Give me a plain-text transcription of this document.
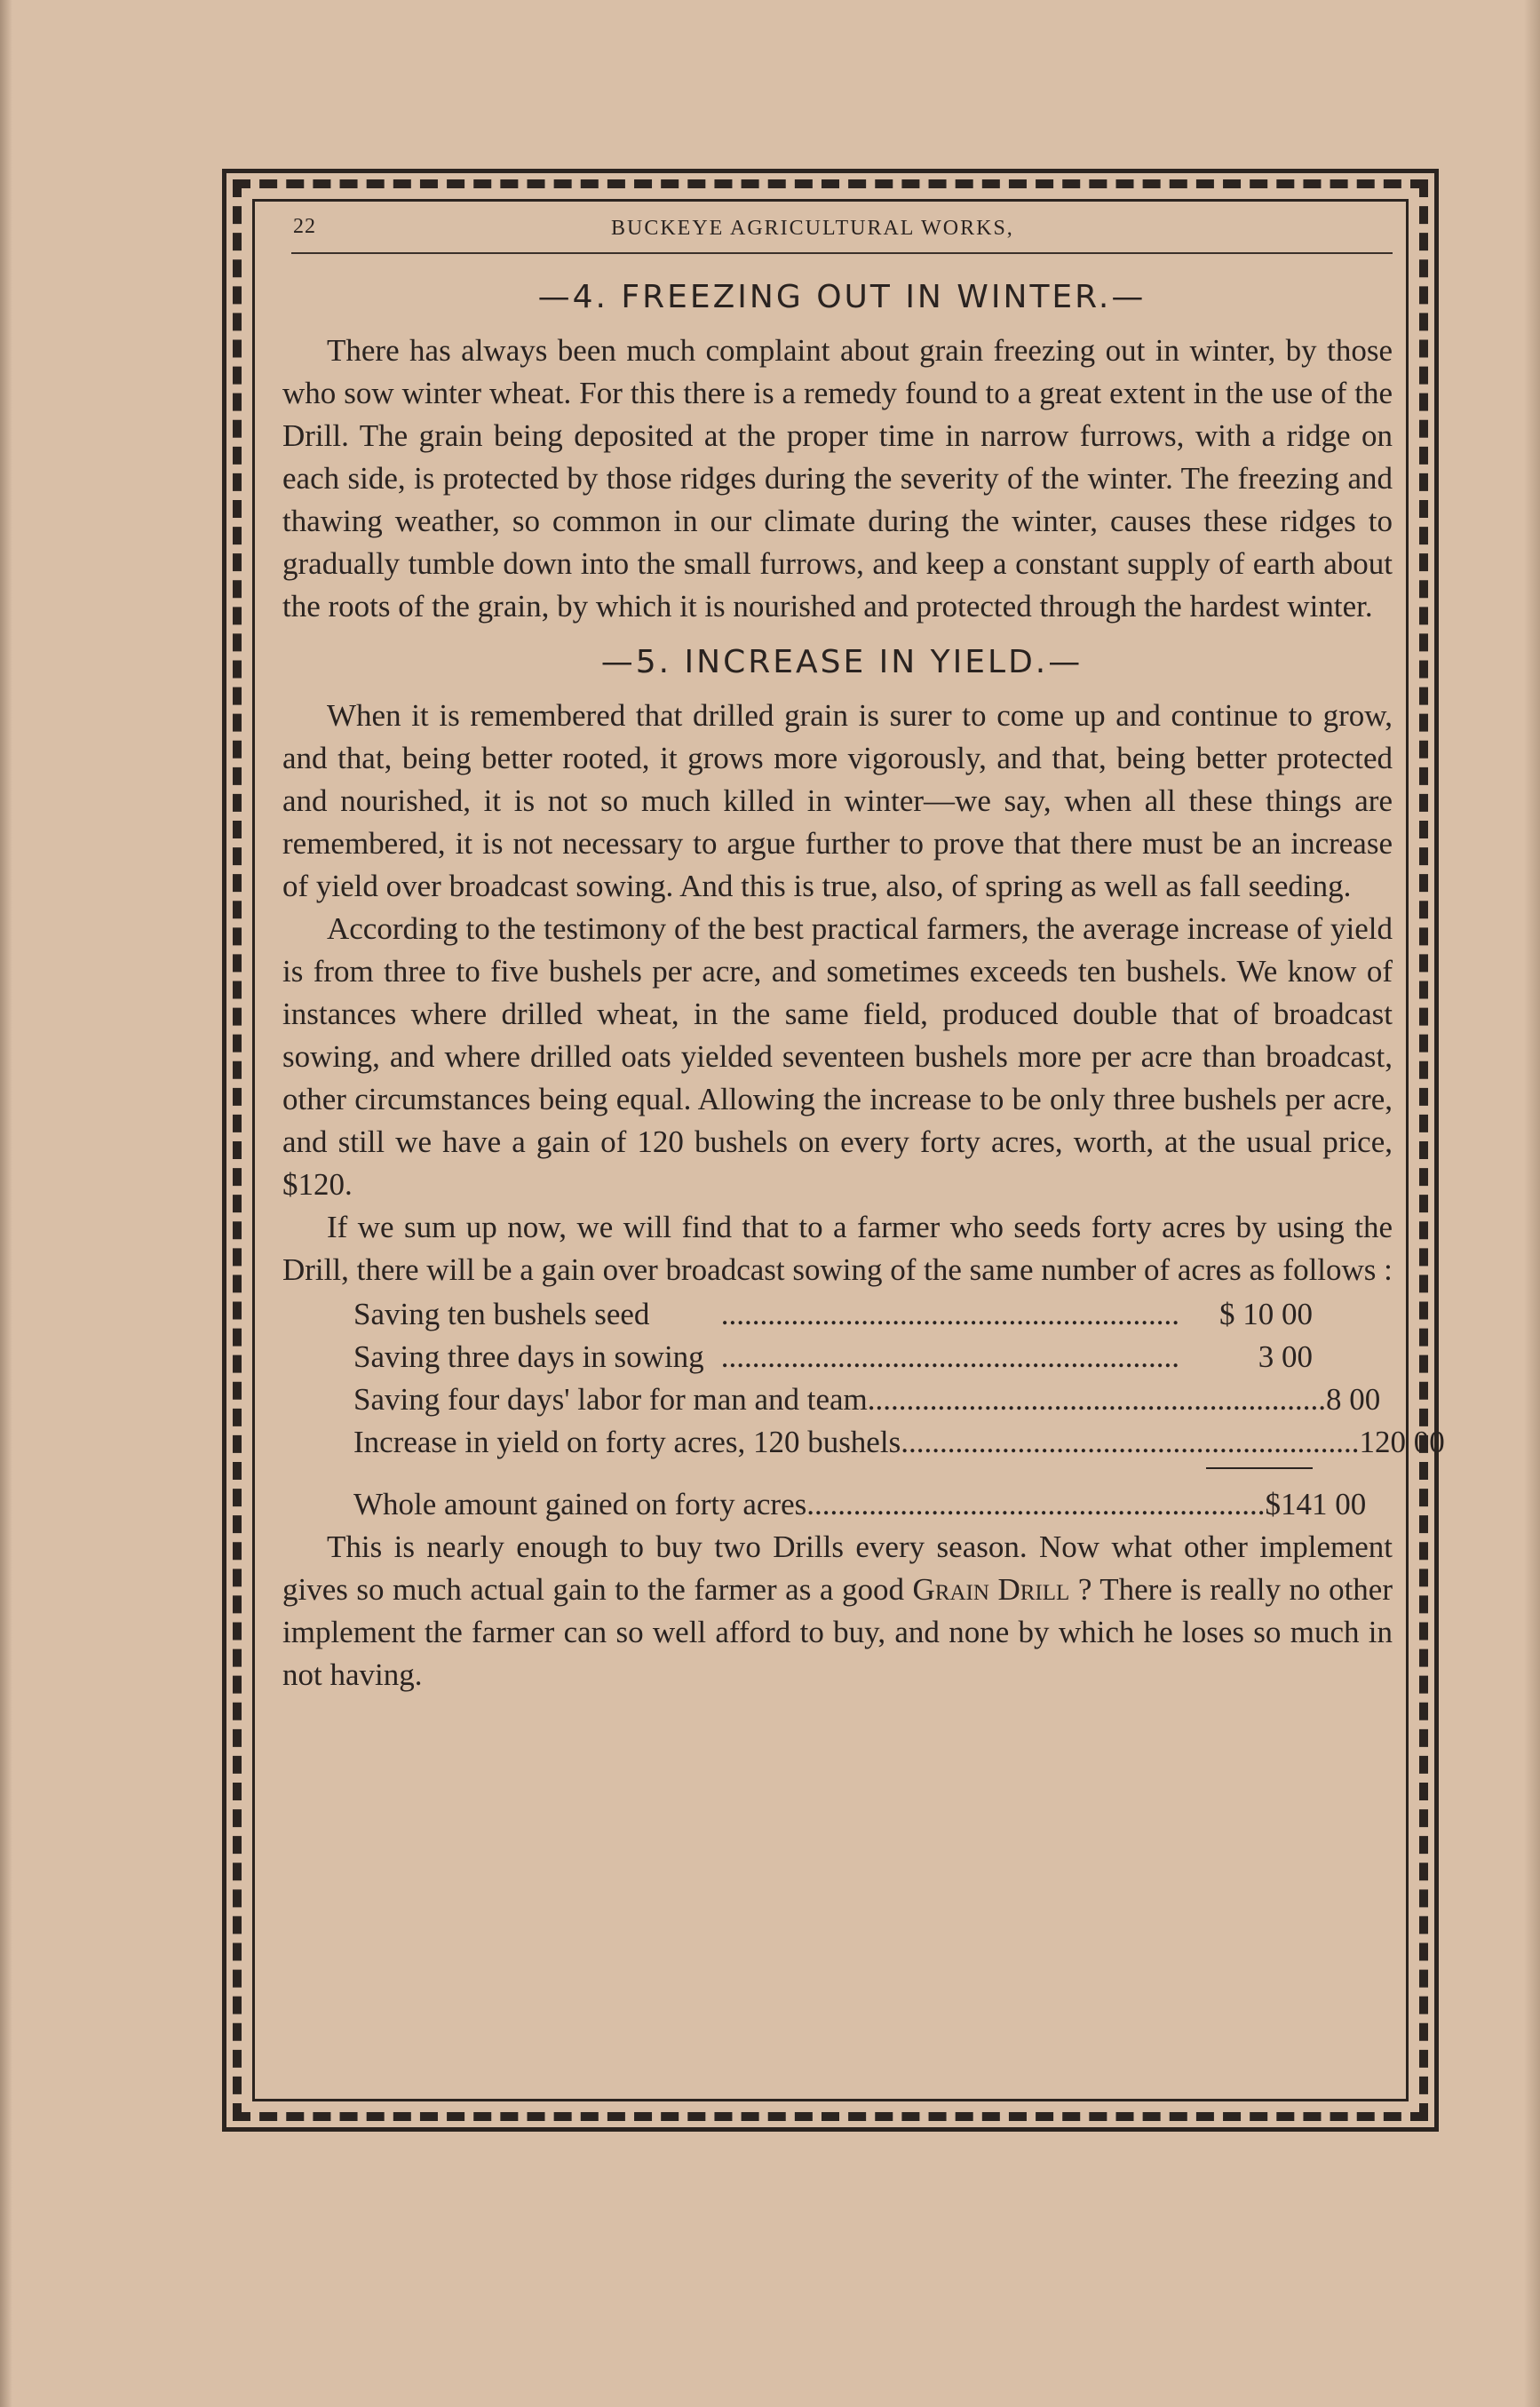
22	BUCKEYE AGRICULTURAL WORKS,
—4. FREEZING OUT IN WINTER.—

There has always been much complaint about grain freezing out in winter, by those who sow winter wheat. For this there is a remedy found to a great extent in the use of the Drill. The grain being deposited at the proper time in narrow furrows, with a ridge on each side, is protected by those ridges during the severity of the winter. The freezing and thawing weather, so common in our climate during the winter, causes these ridges to gradually tumble down into the small furrows, and keep a constant supply of earth about the roots of the grain, by which it is nourished and protected through the hardest winter.

—5. INCREASE IN YIELD.—

When it is remembered that drilled grain is surer to come up and continue to grow, and that, being better rooted, it grows more vigorously, and that, being better protected and nourished, it is not so much killed in winter—we say, when all these things are remembered, it is not necessary to argue further to prove that there must be an increase of yield over broadcast sowing. And this is true, also, of spring as well as fall seeding.

According to the testimony of the best practical farmers, the average increase of yield is from three to five bushels per acre, and sometimes exceeds ten bushels. We know of instances where drilled wheat, in the same field, produced double that of broadcast sowing, and where drilled oats yielded seventeen bushels more per acre than broadcast, other circumstances being equal. Allowing the increase to be only three bushels per acre, and still we have a gain of 120 bushels on every forty acres, worth, at the usual price, $120.

If we sum up now, we will find that to a farmer who seeds forty acres by using the Drill, there will be a gain over broadcast sowing of the same number of acres as follows :

Saving ten bushels seed	...........................................................	$ 10 00
Saving three days in sowing ...........................................................	3 00
Saving four days' labor for man and team ........................................................... 8 00
Increase in yield on forty acres, 120 bushels ........................................................... 120 00
Whole amount gained on forty acres ........................................................... $141 00

This is nearly enough to buy two Drills every season. Now what other implement gives so much actual gain to the farmer as a good Grain Drill ? There is really no other implement the farmer can so well afford to buy, and none by which he loses so much in not having.
